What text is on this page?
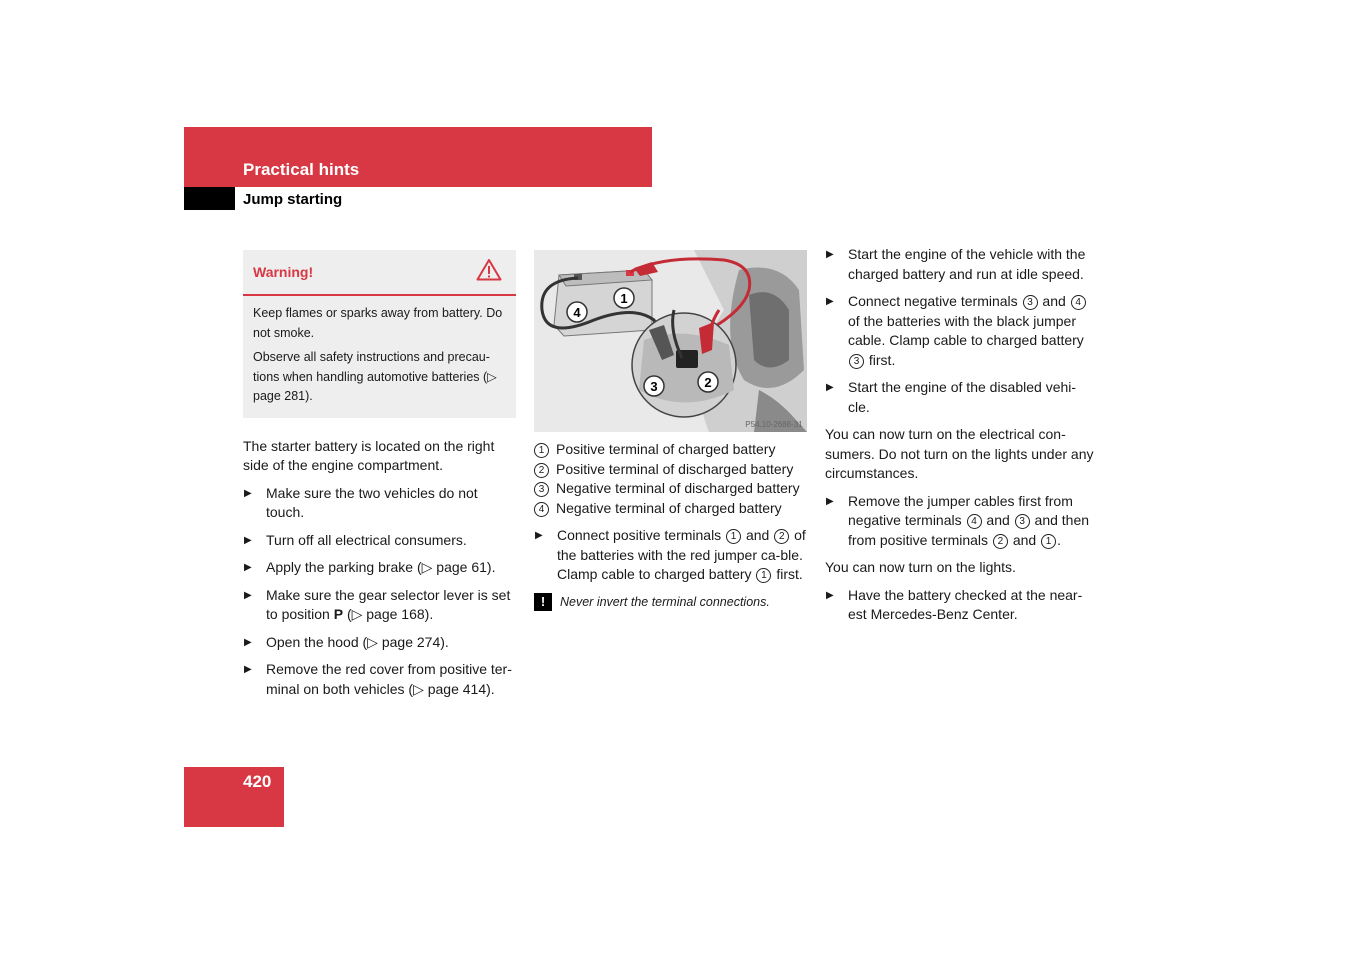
Practical hints
Jump starting
Warning!

Keep flames or sparks away from battery. Do not smoke.

Observe all safety instructions and precau-tions when handling automotive batteries (▷ page 281).

The starter battery is located on the right side of the engine compartment.

▶ Make sure the two vehicles do not touch.
▶ Turn off all electrical consumers.
▶ Apply the parking brake (▷ page 61).
▶ Make sure the gear selector lever is set to position P (▷ page 168).
▶ Open the hood (▷ page 274).
▶ Remove the red cover from positive ter-minal on both vehicles (▷ page 414).
1
4
3	2
P54.10-2688-31
1 Positive terminal of charged battery
2 Positive terminal of discharged battery
3 Negative terminal of discharged battery
4 Negative terminal of charged battery
▶ Connect positive terminals 1 and 2 of the batteries with the red jumper ca-ble. Clamp cable to charged battery 1 first.
!	Never invert the terminal connections.
▶ Start the engine of the vehicle with the charged battery and run at idle speed.
▶ Connect negative terminals 3 and 4 of the batteries with the black jumper cable. Clamp cable to charged battery 3 first.
▶ Start the engine of the disabled vehi-cle.

You can now turn on the electrical con-sumers. Do not turn on the lights under any circumstances.

▶ Remove the jumper cables first from negative terminals 4 and 3 and then from positive terminals 2 and 1 .

You can now turn on the lights.

▶ Have the battery checked at the near-est Mercedes-Benz Center.
420
